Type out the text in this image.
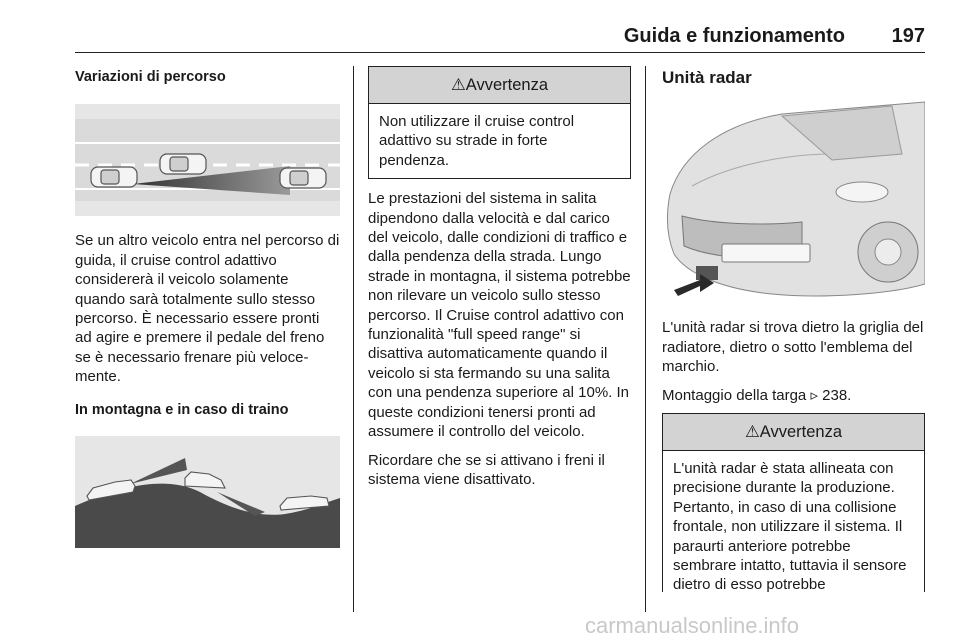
Guida e funzionamento	197
Variazioni di percorso

Se un altro veicolo entra nel percorso di guida, il cruise control adattivo considererà il veicolo solamente quando sarà totalmente sullo stesso percorso. È necessario essere pronti ad agire e premere il pedale del freno se è necessario frenare più velocemente.

In montagna e in caso di traino
⚠Avvertenza
Non utilizzare il cruise control adattivo su strade in forte pendenza.

Le prestazioni del sistema in salita dipendono dalla velocità e dal carico del veicolo, dalle condizioni di traffico e dalla pendenza della strada. Lungo strade in montagna, il sistema potrebbe non rilevare un veicolo sullo stesso percorso. Il Cruise control adattivo con funzionalità "full speed range" si disattiva automaticamente quando il veicolo si sta fermando su una salita con una pendenza superiore al 10%. In queste condizioni tenersi pronti ad assumere il controllo del veicolo.

Ricordare che se si attivano i freni il sistema viene disattivato.

Unità radar

L'unità radar si trova dietro la griglia del radiatore, dietro o sotto l'emblema del marchio.

Montaggio della targa ▹ 238.

⚠Avvertenza
L'unità radar è stata allineata con precisione durante la produzione. Pertanto, in caso di una collisione frontale, non utilizzare il sistema. Il paraurti anteriore potrebbe sembrare intatto, tuttavia il sensore dietro di esso potrebbe
carmanualsonline.info
